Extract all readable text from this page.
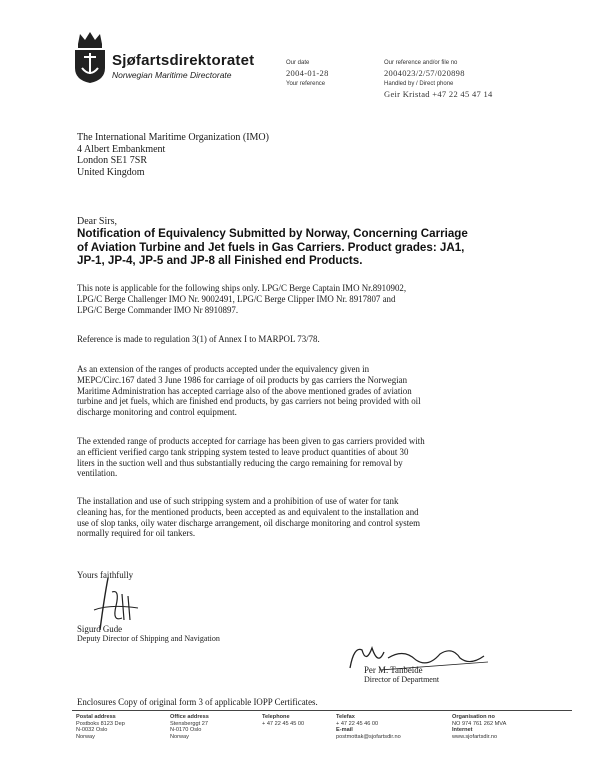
Sjøfartsdirektoratet
Norwegian Maritime Directorate
Our date
2004-01-28
Your reference
Our reference and/or file no
2004023/2/57/020898
Handled by / Direct phone
Geir Kristad +47 22 45 47 14
The International Maritime Organization (IMO)
4 Albert Embankment
London SE1 7SR
United Kingdom
Dear Sirs,
Notification of Equivalency Submitted by Norway, Concerning Carriage
of Aviation Turbine and Jet fuels in Gas Carriers. Product grades: JA1,
JP-1, JP-4, JP-5 and JP-8 all Finished end Products.
This note is applicable for the following ships only. LPG/C Berge Captain IMO Nr.8910902,
LPG/C Berge Challenger IMO Nr. 9002491, LPG/C Berge Clipper IMO Nr. 8917807 and
LPG/C Berge Commander IMO Nr 8910897.
Reference is made to regulation 3(1) of Annex I to MARPOL 73/78.
As an extension of the ranges of products accepted under the equivalency given in
MEPC/Circ.167 dated 3 June 1986 for carriage of oil products by gas carriers the Norwegian
Maritime Administration has accepted carriage also of the above mentioned grades of aviation
turbine and jet fuels, which are finished end products, by gas carriers not being provided with oil
discharge monitoring and control equipment.
The extended range of products accepted for carriage has been given to gas carriers provided with
an efficient verified cargo tank stripping system tested to leave product quantities of about 30
liters in the suction well and thus substantially reducing the cargo remaining for removal by
ventilation.
The installation and use of such stripping system and a prohibition of use of water for tank
cleaning has, for the mentioned products, been accepted as and equivalent to the installation and
use of slop tanks, oily water discharge arrangement, oil discharge monitoring and control system
normally required for oil tankers.
Yours faithfully
Sigurd Gude
Deputy Director of Shipping and Navigation
Per M. Tanbeide
Director of Department
Enclosures Copy of original form 3 of applicable IOPP Certificates.
Postal address
Postboks 8123 Dep
N-0032 Oslo
Norway
Office address
Stensberggt 27
N-0170 Oslo
Norway
Telephone
+ 47 22 45 45 00
Telefax
+ 47 22 45 46 00
E-mail
postmottak@sjofartsdir.no
Organisation no
NO 974 761 262 MVA
Internet
www.sjofartsdir.no
